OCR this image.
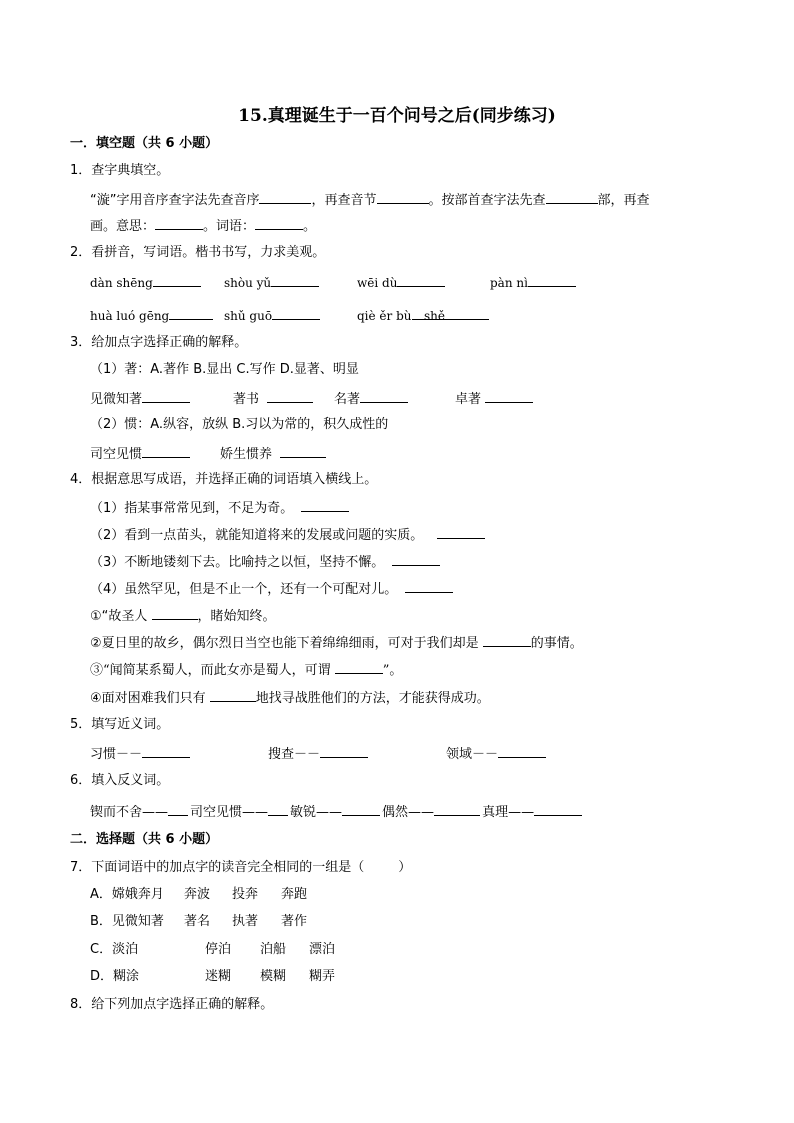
15.真理诞生于一百个问号之后(同步练习)
一．填空题（共 6 小题）
1．查字典填空。
“漩”字用音序查字法先查音序	，再查音节	。按部首查字法先查	部，再查
画。意思：	。词语：	。
2．看拼音，写词语。楷书书写，力求美观。
dàn shēng	shòu yǔ	wēi dù	pàn nì
huà luó gēng	shǔ guō	qiè ěr bù	shě
3．给加点字选择正确的解释。
（1）著：A.著作 B.显出 C.写作 D.显著、明显
见微知著	著书	名著	卓著
（2）惯：A.纵容，放纵 B.习以为常的，积久成性的
司空见惯	娇生惯养
4．根据意思写成语，并选择正确的词语填入横线上。
（1）指某事常常见到，不足为奇。
（2）看到一点苗头，就能知道将来的发展或问题的实质。
（3）不断地镂刻下去。比喻持之以恒，坚持不懈。
（4）虽然罕见，但是不止一个，还有一个可配对儿。
①“故圣人	，睹始知终。
②夏日里的故乡，偶尔烈日当空也能下着绵绵细雨，可对于我们却是	的事情。
③“闻简某系蜀人，而此女亦是蜀人，可谓	”。
④面对困难我们只有	地找寻战胜他们的方法，才能获得成功。
5．填写近义词。
习惯－－	搜查－－	领域－－
6．填入反义词。
锲而不舍—— 司空见惯—— 敏锐——	偶然——	真理——
二．选择题（共 6 小题）
7．下面词语中的加点字的读音完全相同的一组是（	）
A．嫦娥奔月 奔波 投奔 奔跑
B．见微知著 著名 执著 著作
C．淡泊	停泊 泊船 漂泊
D．糊涂	迷糊 模糊 糊弄
8．给下列加点字选择正确的解释。
